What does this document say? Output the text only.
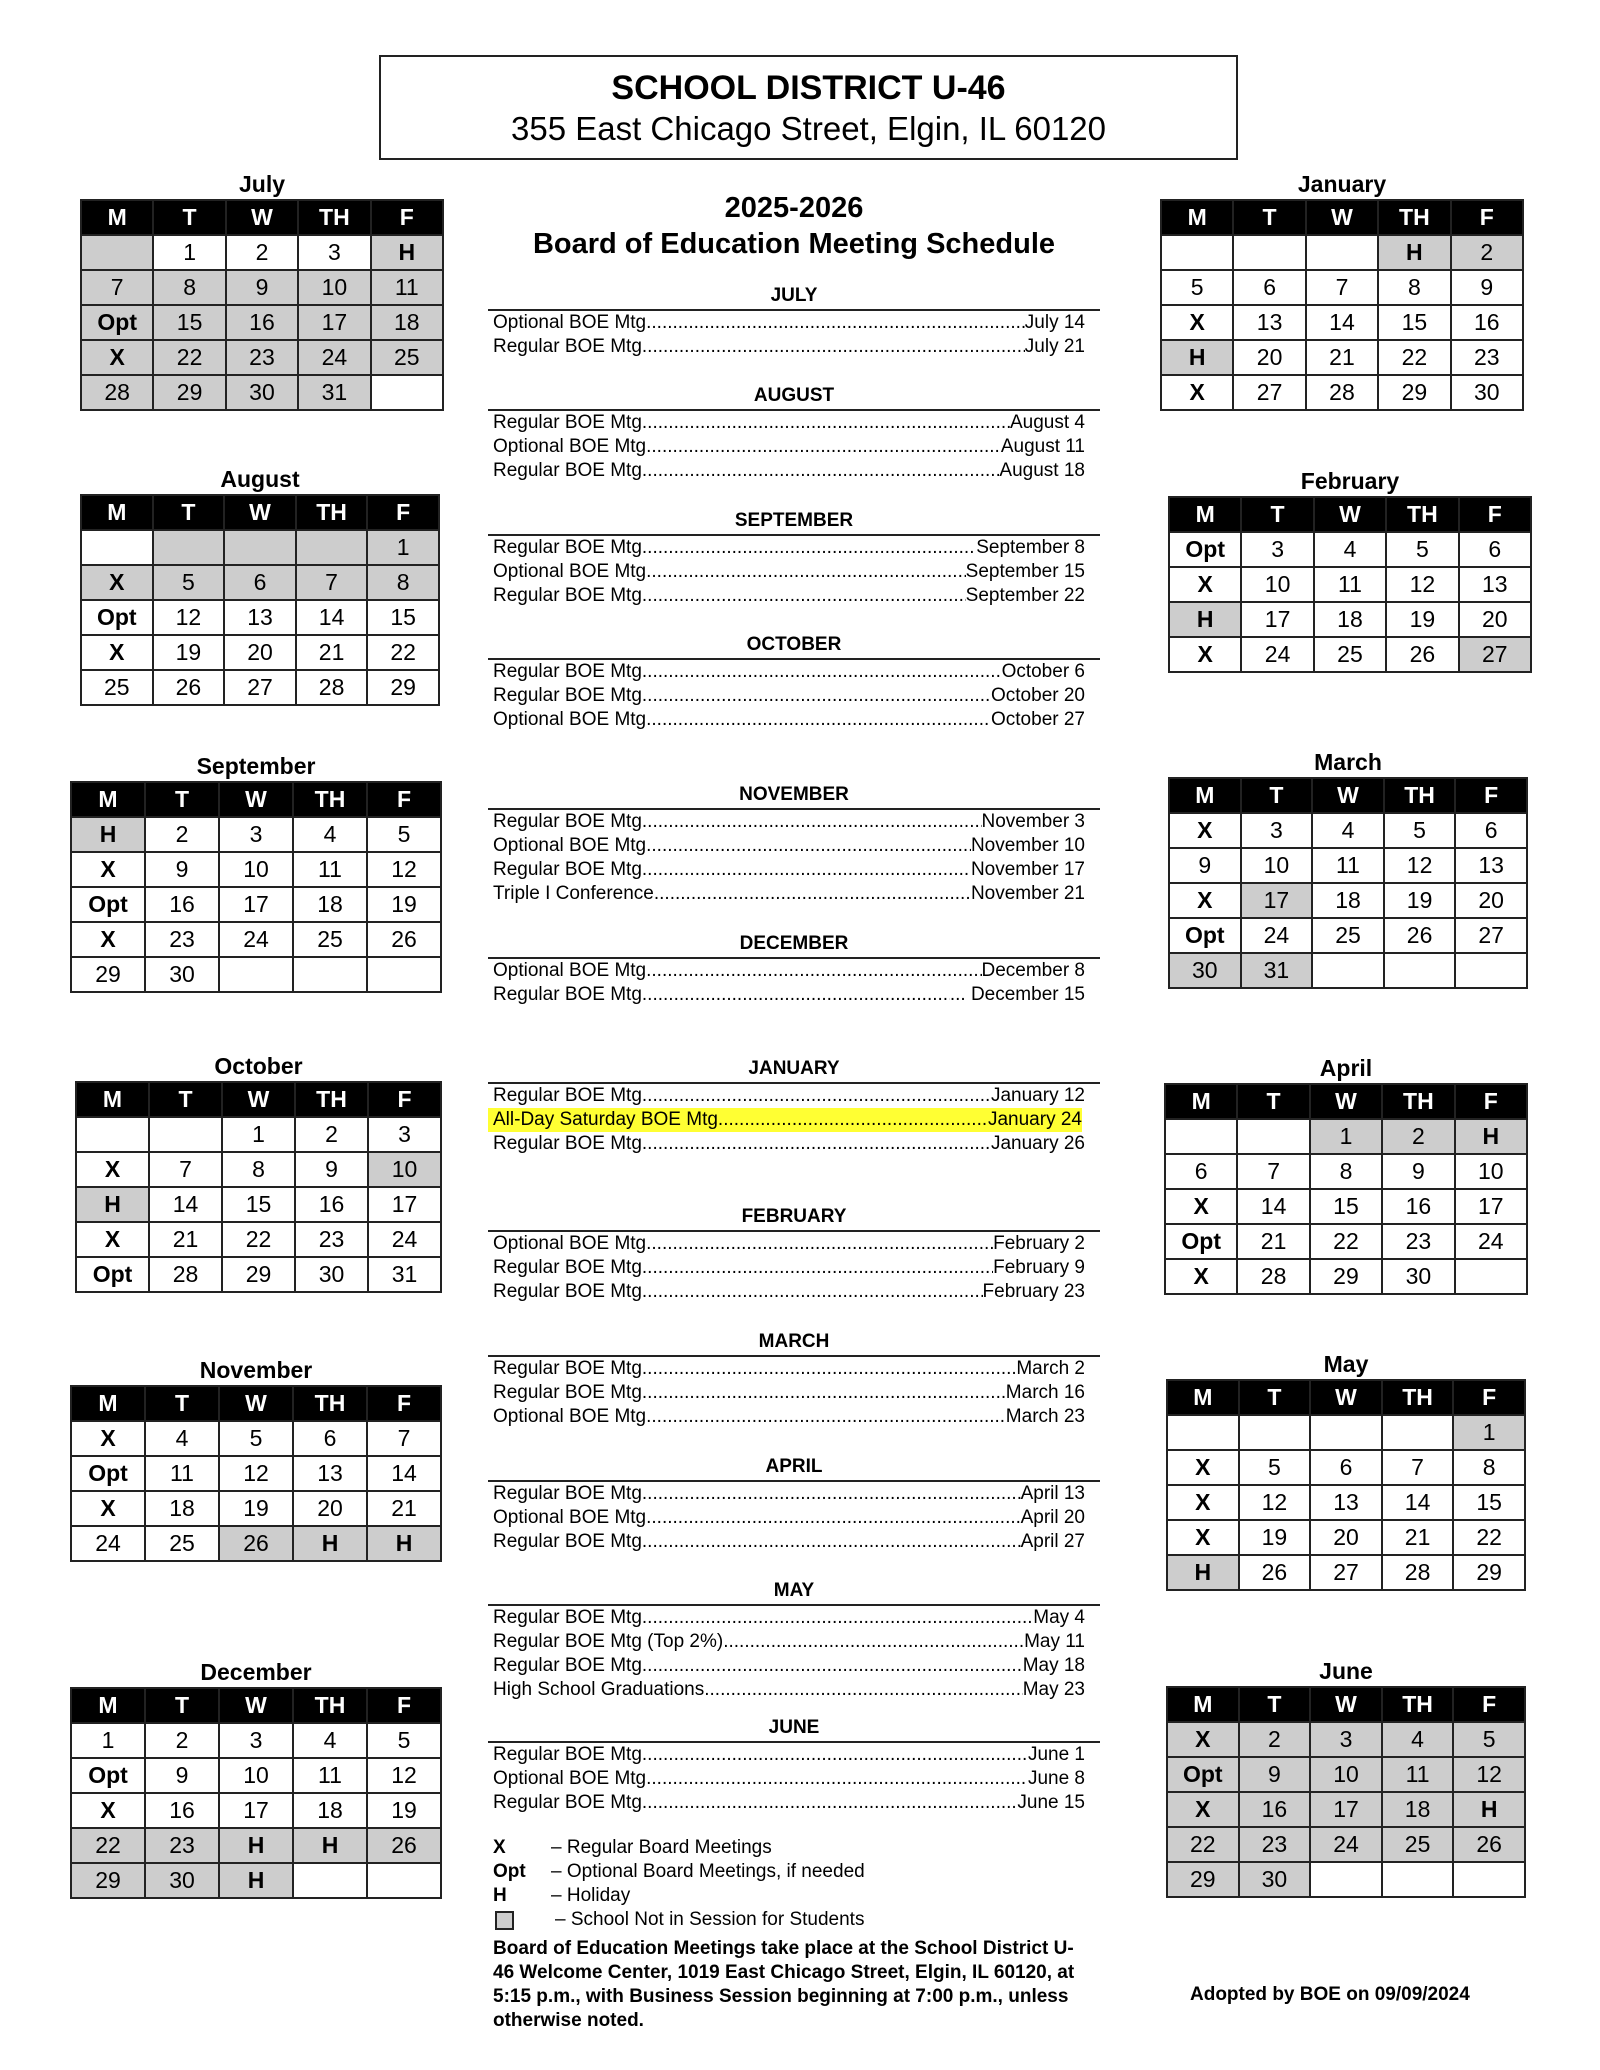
SCHOOL DISTRICT U-46
355 East Chicago Street, Elgin, IL 60120
July
M	T	W	TH	F
	1	2	3	H
7	8	9	10	11
Opt	15	16	17	18
X	22	23	24	25
28	29	30	31	
August
M	T	W	TH	F
				1
X	5	6	7	8
Opt	12	13	14	15
X	19	20	21	22
25	26	27	28	29
September
M	T	W	TH	F
H	2	3	4	5
X	9	10	11	12
Opt	16	17	18	19
X	23	24	25	26
29	30			
October
M	T	W	TH	F
		1	2	3
X	7	8	9	10
H	14	15	16	17
X	21	22	23	24
Opt	28	29	30	31
November
M	T	W	TH	F
X	4	5	6	7
Opt	11	12	13	14
X	18	19	20	21
24	25	26	H	H
December
M	T	W	TH	F
1	2	3	4	5
Opt	9	10	11	12
X	16	17	18	19
22	23	H	H	26
29	30	H		
January
M	T	W	TH	F
			H	2
5	6	7	8	9
X	13	14	15	16
H	20	21	22	23
X	27	28	29	30
February
M	T	W	TH	F
Opt	3	4	5	6
X	10	11	12	13
H	17	18	19	20
X	24	25	26	27
March
M	T	W	TH	F
X	3	4	5	6
9	10	11	12	13
X	17	18	19	20
Opt	24	25	26	27
30	31			
April
M	T	W	TH	F
		1	2	H
6	7	8	9	10
X	14	15	16	17
Opt	21	22	23	24
X	28	29	30	
May
M	T	W	TH	F
				1
X	5	6	7	8
X	12	13	14	15
X	19	20	21	22
H	26	27	28	29
June
M	T	W	TH	F
X	2	3	4	5
Opt	9	10	11	12
X	16	17	18	H
22	23	24	25	26
29	30			
2025-2026
Board of Education Meeting Schedule
JULY
Optional BOE Mtg .....	July 14
Regular BOE Mtg .....	July 21
AUGUST
Regular BOE Mtg .....	August 4
Optional BOE Mtg .....	August 11
Regular BOE Mtg .....	August 18
SEPTEMBER
Regular BOE Mtg .....	September 8
Optional BOE Mtg .....	September 15
Regular BOE Mtg .....	September 22
OCTOBER
Regular BOE Mtg .....	October 6
Regular BOE Mtg .....	October 20
Optional BOE Mtg .....	October 27
NOVEMBER
Regular BOE Mtg .....	November 3
Optional BOE Mtg .....	November 10
Regular BOE Mtg .....	November 17
Triple I Conference .....	November 21
DECEMBER
Optional BOE Mtg .....	December 8
Regular BOE Mtg .....	... December 15
JANUARY
Regular BOE Mtg .....	January 12
All-Day Saturday BOE Mtg .....	January 24
Regular BOE Mtg .....	January 26
FEBRUARY
Optional BOE Mtg .....	February 2
Regular BOE Mtg .....	February 9
Regular BOE Mtg .....	February 23
MARCH
Regular BOE Mtg .....	March 2
Regular BOE Mtg .....	March 16
Optional BOE Mtg .....	March 23
APRIL
Regular BOE Mtg .....	April 13
Optional BOE Mtg .....	April 20
Regular BOE Mtg .....	April 27
MAY
Regular BOE Mtg .....	May 4
Regular BOE Mtg (Top 2%) .....	May 11
Regular BOE Mtg .....	May 18
High School Graduations .....	May 23
JUNE
Regular BOE Mtg .....	June 1
Optional BOE Mtg .....	June 8
Regular BOE Mtg .....	June 15
X	– Regular Board Meetings
Opt	– Optional Board Meetings, if needed
H	– Holiday
– School Not in Session for Students
Board of Education Meetings take place at the School District U-46 Welcome Center, 1019 East Chicago Street, Elgin, IL 60120, at 5:15 p.m., with Business Session beginning at 7:00 p.m., unless otherwise noted.
Adopted by BOE on 09/09/2024
